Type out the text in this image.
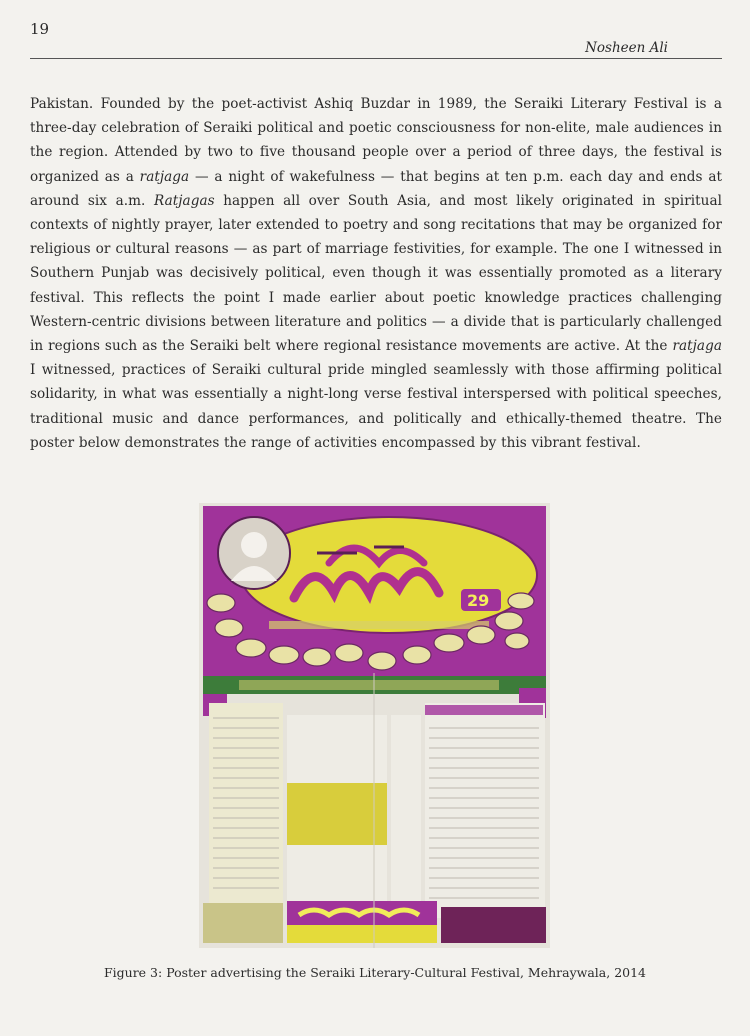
19
Nosheen Ali

Pakistan. Founded by the poet-activist Ashiq Buzdar in 1989, the Seraiki Literary Festival is a three-day celebration of Seraiki political and poetic consciousness for non-elite, male audiences in the region. Attended by two to five thousand people over a period of three days, the festival is organized as a ratjaga — a night of wakefulness — that begins at ten p.m. each day and ends at around six a.m. Ratjagas happen all over South Asia, and most likely originated in spiritual contexts of nightly prayer, later extended to poetry and song recitations that may be organized for religious or cultural reasons — as part of marriage festivities, for example. The one I witnessed in Southern Punjab was decisively political, even though it was essentially promoted as a literary festival. This reflects the point I made earlier about poetic knowledge practices challenging Western-centric divisions between literature and politics — a divide that is particularly challenged in regions such as the Seraiki belt where regional resistance movements are active. At the ratjaga I witnessed, practices of Seraiki cultural pride mingled seamlessly with those affirming political solidarity, in what was essentially a night-long verse festival interspersed with political speeches, traditional music and dance performances, and politically and ethically-themed theatre. The poster below demonstrates the range of activities encompassed by this vibrant festival.

29
Figure 3: Poster advertising the Seraiki Literary-Cultural Festival, Mehraywala, 2014
